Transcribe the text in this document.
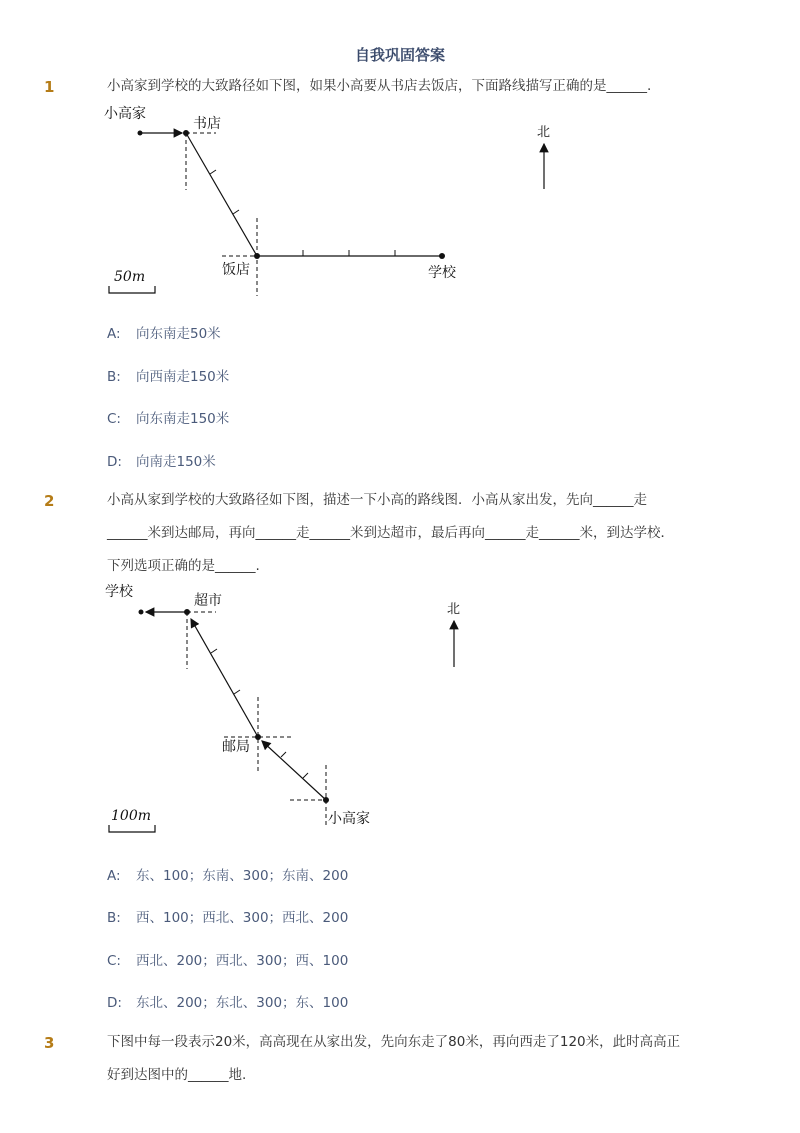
自我巩固答案
1	小高家到学校的大致路径如下图，如果小高要从书店去饭店，下面路线描写正确的是______.
小高家
书店
饭店	学校
北
50m
A: 向东南走50米
B: 向西南走150米
C: 向东南走150米
D: 向南走150米
2	小高从家到学校的大致路径如下图，描述一下小高的路线图．小高从家出发，先向______走
______米到达邮局，再向______走______米到达超市，最后再向______走______米，到达学校．
下列选项正确的是______.
学校
超市
邮局
小高家
北
100m
A: 东、100；东南、300；东南、200
B: 西、100；西北、300；西北、200
C: 西北、200；西北、300；西、100
D: 东北、200；东北、300；东、100
3	下图中每一段表示20米，高高现在从家出发，先向东走了80米，再向西走了120米，此时高高正
好到达图中的______地.
